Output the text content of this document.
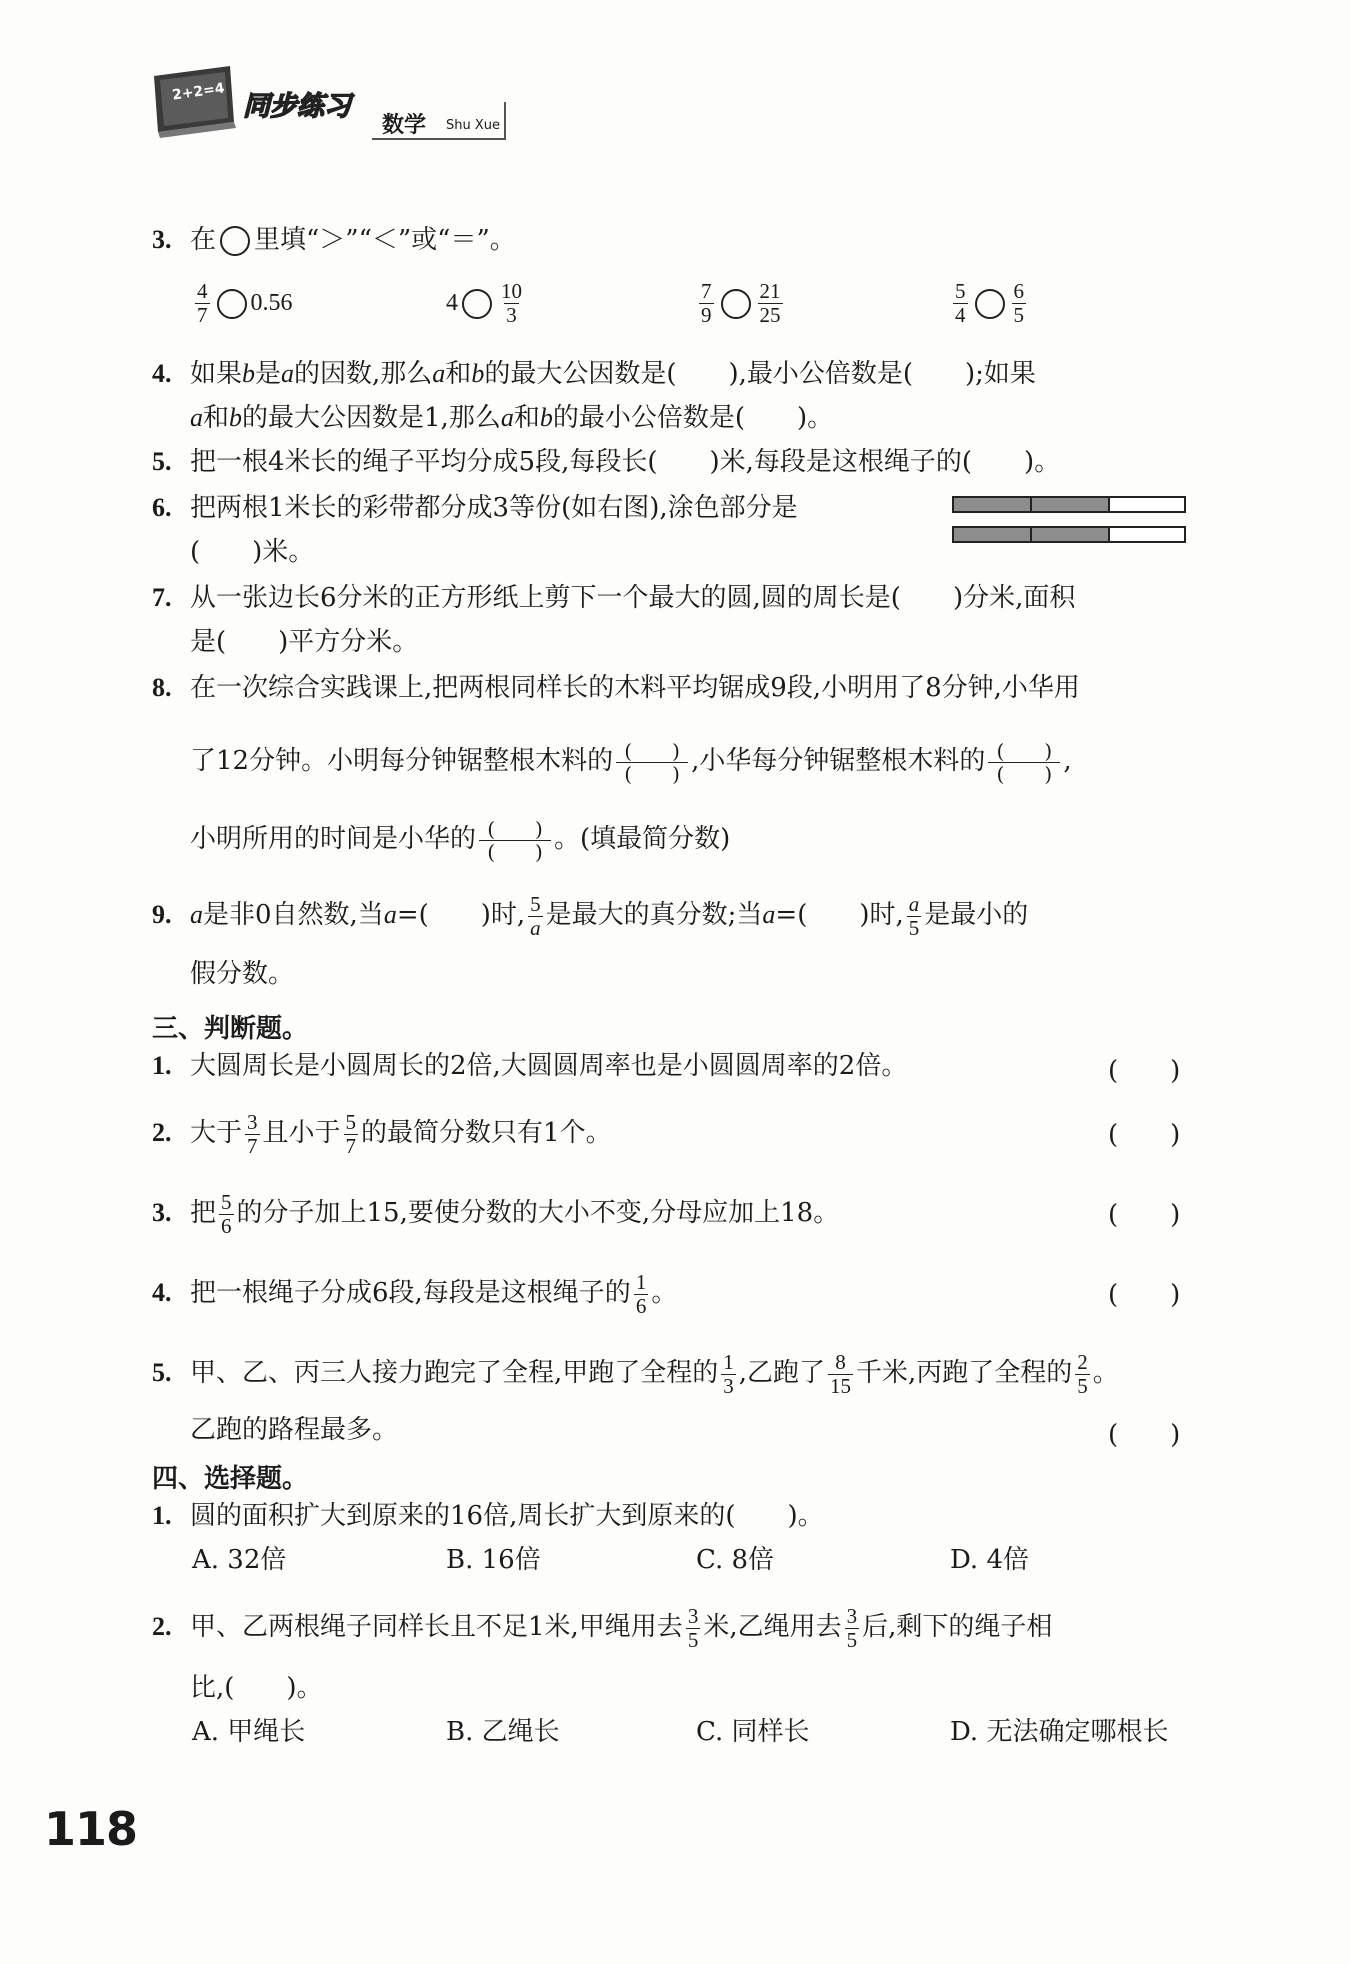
2+2=4 同步练习
数学 Shu Xue
3. 在 里填“＞”“＜”或“＝”。
$\frac{4}{7} 0.56$	$4 \frac{10}{3}$	$\frac{7}{9} \frac{21}{25}$	$\frac{5}{4} \frac{6}{5}$
4. 如果b是a的因数,那么a和b的最大公因数是(　　),最小公倍数是(　　);如果
a和b的最大公因数是1,那么a和b的最小公倍数是(　　)。
5. 把一根4米长的绳子平均分成5段,每段长(　　)米,每段是这根绳子的(　　)。
6. 把两根1米长的彩带都分成3等份(如右图),涂色部分是
(　　)米。
7. 从一张边长6分米的正方形纸上剪下一个最大的圆,圆的周长是(　　)分米,面积
是(　　)平方分米。
8. 在一次综合实践课上,把两根同样长的木料平均锯成9段,小明用了8分钟,小华用
了12分钟。小明每分钟锯整根木料的 (　　)
(　　) ,小华每分钟锯整根木料的 (　　)
(　　) ,
小明所用的时间是小华的 (　　)
(　　) 。(填最简分数)
9. a是非0自然数,当a=(　　)时, $\frac{5}{a}$ 是最大的真分数;当a=(　　)时, $\frac{a}{5}$ 是最小的
假分数。
三、判断题。
1. 大圆周长是小圆周长的2倍,大圆圆周率也是小圆圆周率的2倍。	(　　)
2. 大于 $\frac{3}{7}$ 且小于 $\frac{5}{7}$ 的最简分数只有1个。	(　　)
3. 把 $\frac{5}{6}$ 的分子加上15,要使分数的大小不变,分母应加上18。	(　　)
4. 把一根绳子分成6段,每段是这根绳子的 $\frac{1}{6}$ 。	(　　)
5. 甲、乙、丙三人接力跑完了全程,甲跑了全程的 $\frac{1}{3}$ ,乙跑了 $\frac{8}{15}$ 千米,丙跑了全程的 $\frac{2}{5}$ 。
乙跑的路程最多。	(　　)
四、选择题。
1. 圆的面积扩大到原来的16倍,周长扩大到原来的(　　)。
A. 32倍	B. 16倍	C. 8倍	D. 4倍
2. 甲、乙两根绳子同样长且不足1米,甲绳用去 $\frac{3}{5}$ 米,乙绳用去 $\frac{3}{5}$ 后,剩下的绳子相
比,(　　)。
A. 甲绳长	B. 乙绳长	C. 同样长	D. 无法确定哪根长
118
